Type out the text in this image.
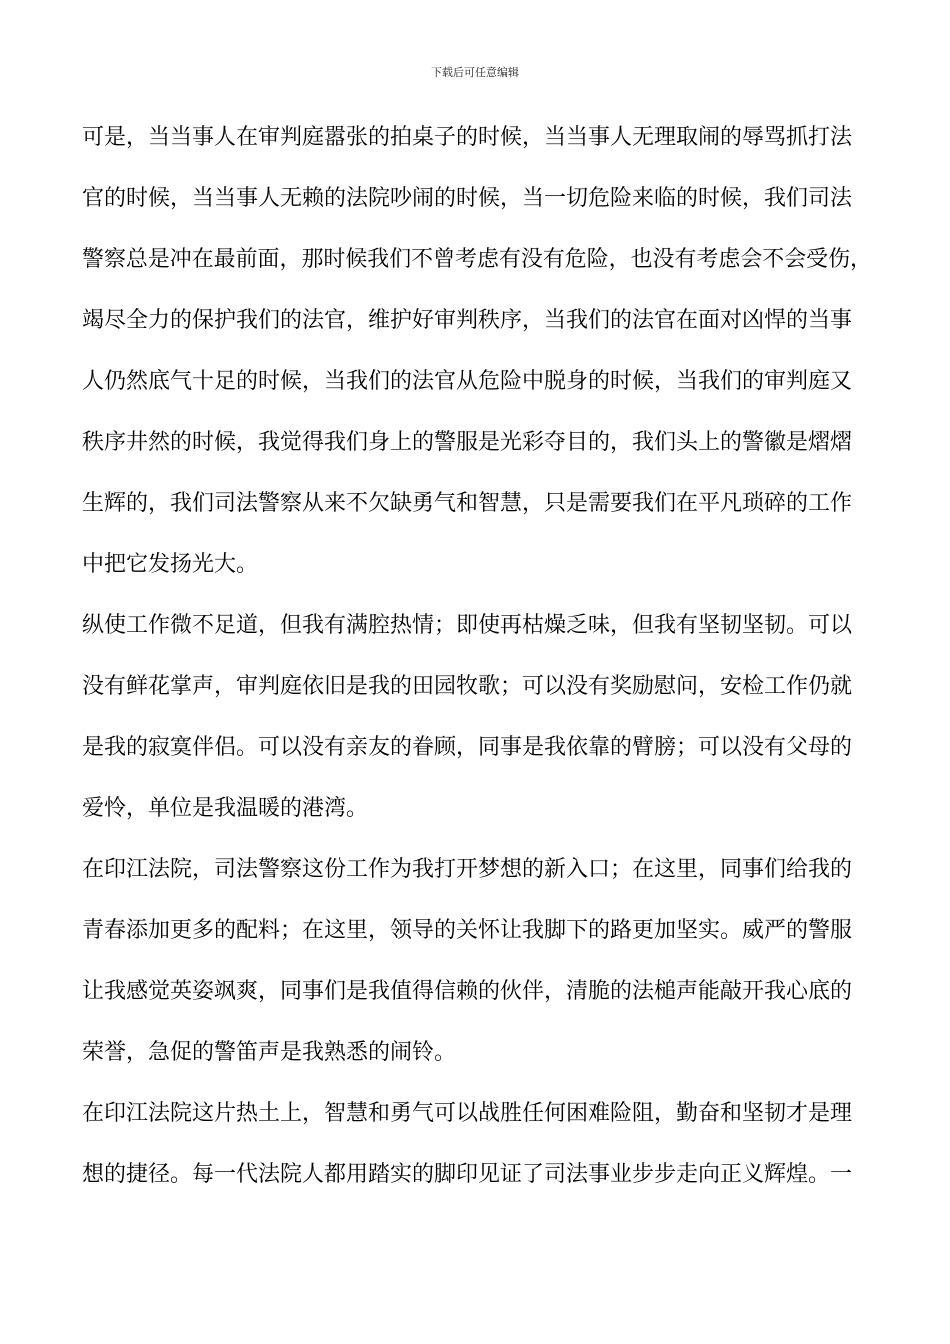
下载后可任意编辑
可是，当当事人在审判庭嚣张的拍桌子的时候，当当事人无理取闹的辱骂抓打法
官的时候，当当事人无赖的法院吵闹的时候，当一切危险来临的时候，我们司法
警察总是冲在最前面，那时候我们不曾考虑有没有危险，也没有考虑会不会受伤，
竭尽全力的保护我们的法官，维护好审判秩序，当我们的法官在面对凶悍的当事
人仍然底气十足的时候，当我们的法官从危险中脱身的时候，当我们的审判庭又
秩序井然的时候，我觉得我们身上的警服是光彩夺目的，我们头上的警徽是熠熠
生辉的，我们司法警察从来不欠缺勇气和智慧，只是需要我们在平凡琐碎的工作
中把它发扬光大。
纵使工作微不足道，但我有满腔热情；即使再枯燥乏味，但我有坚韧坚韧。可以
没有鲜花掌声，审判庭依旧是我的田园牧歌；可以没有奖励慰问，安检工作仍就
是我的寂寞伴侣。可以没有亲友的眷顾，同事是我依靠的臂膀；可以没有父母的
爱怜，单位是我温暖的港湾。
在印江法院，司法警察这份工作为我打开梦想的新入口；在这里，同事们给我的
青春添加更多的配料；在这里，领导的关怀让我脚下的路更加坚实。威严的警服
让我感觉英姿飒爽，同事们是我值得信赖的伙伴，清脆的法槌声能敲开我心底的
荣誉，急促的警笛声是我熟悉的闹铃。
在印江法院这片热土上，智慧和勇气可以战胜任何困难险阻，勤奋和坚韧才是理
想的捷径。每一代法院人都用踏实的脚印见证了司法事业步步走向正义辉煌。一
